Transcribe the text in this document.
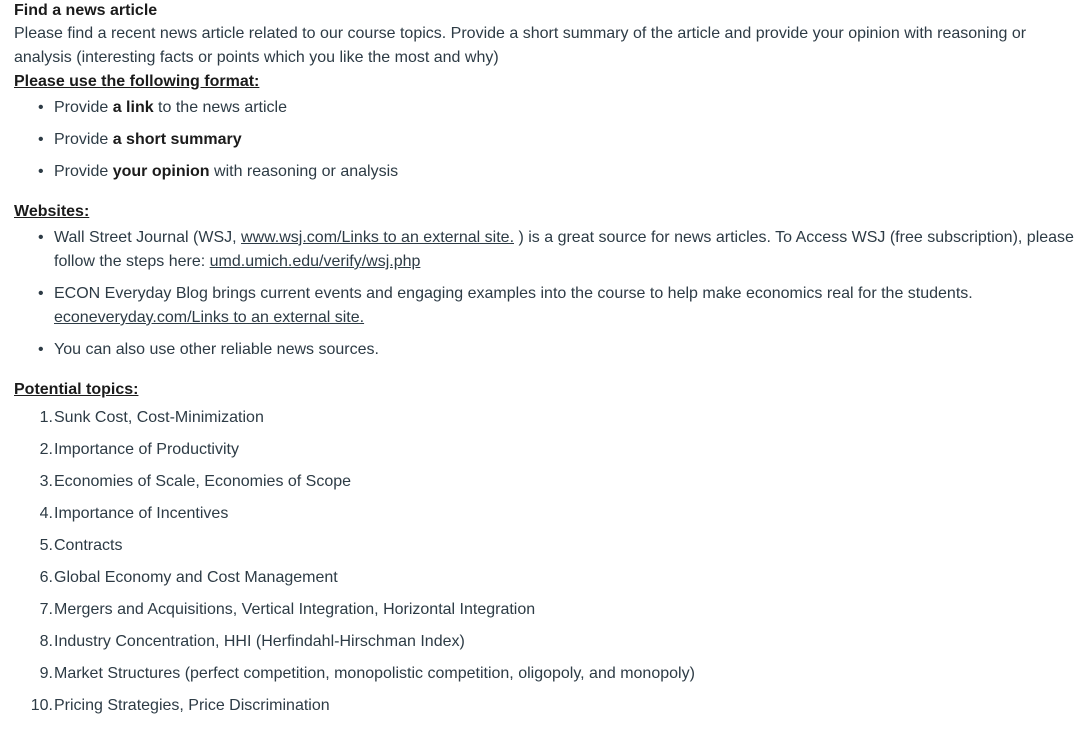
Find a news article

Please find a recent news article related to our course topics. Provide a short summary of the article and provide your opinion with reasoning or analysis (interesting facts or points which you like the most and why)

Please use the following format:

• Provide a link to the news article
• Provide a short summary
• Provide your opinion with reasoning or analysis

Websites:

• Wall Street Journal (WSJ, www.wsj.com/Links to an external site. ) is a great source for news articles. To Access WSJ (free subscription), please follow the steps here: umd.umich.edu/verify/wsj.php
• ECON Everyday Blog brings current events and engaging examples into the course to help make economics real for the students. econeveryday.com/Links to an external site.
• You can also use other reliable news sources.

Potential topics:

1. Sunk Cost, Cost-Minimization
2. Importance of Productivity
3. Economies of Scale, Economies of Scope
4. Importance of Incentives
5. Contracts
6. Global Economy and Cost Management
7. Mergers and Acquisitions, Vertical Integration, Horizontal Integration
8. Industry Concentration, HHI (Herfindahl-Hirschman Index)
9. Market Structures (perfect competition, monopolistic competition, oligopoly, and monopoly)
10. Pricing Strategies, Price Discrimination
